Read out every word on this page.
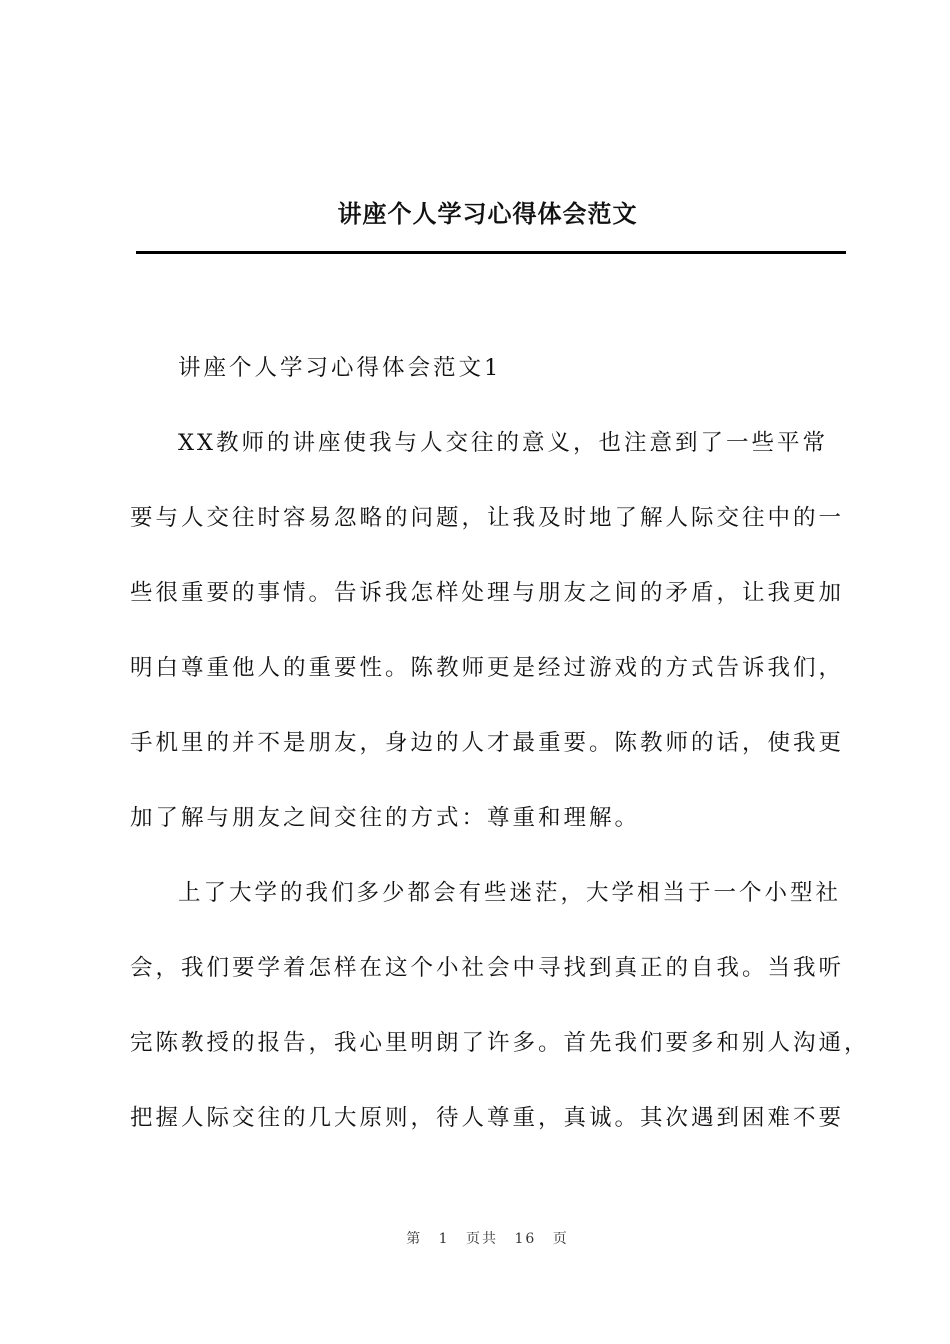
讲座个人学习心得体会范文
讲座个人学习心得体会范文1
XX教师的讲座使我与人交往的意义，也注意到了一些平常
要与人交往时容易忽略的问题，让我及时地了解人际交往中的一
些很重要的事情。告诉我怎样处理与朋友之间的矛盾，让我更加
明白尊重他人的重要性。陈教师更是经过游戏的方式告诉我们，
手机里的并不是朋友，身边的人才最重要。陈教师的话，使我更
加了解与朋友之间交往的方式：尊重和理解。
上了大学的我们多少都会有些迷茫，大学相当于一个小型社
会，我们要学着怎样在这个小社会中寻找到真正的自我。当我听
完陈教授的报告，我心里明朗了许多。首先我们要多和别人沟通，
把握人际交往的几大原则，待人尊重，真诚。其次遇到困难不要
第 1 页共 16 页
